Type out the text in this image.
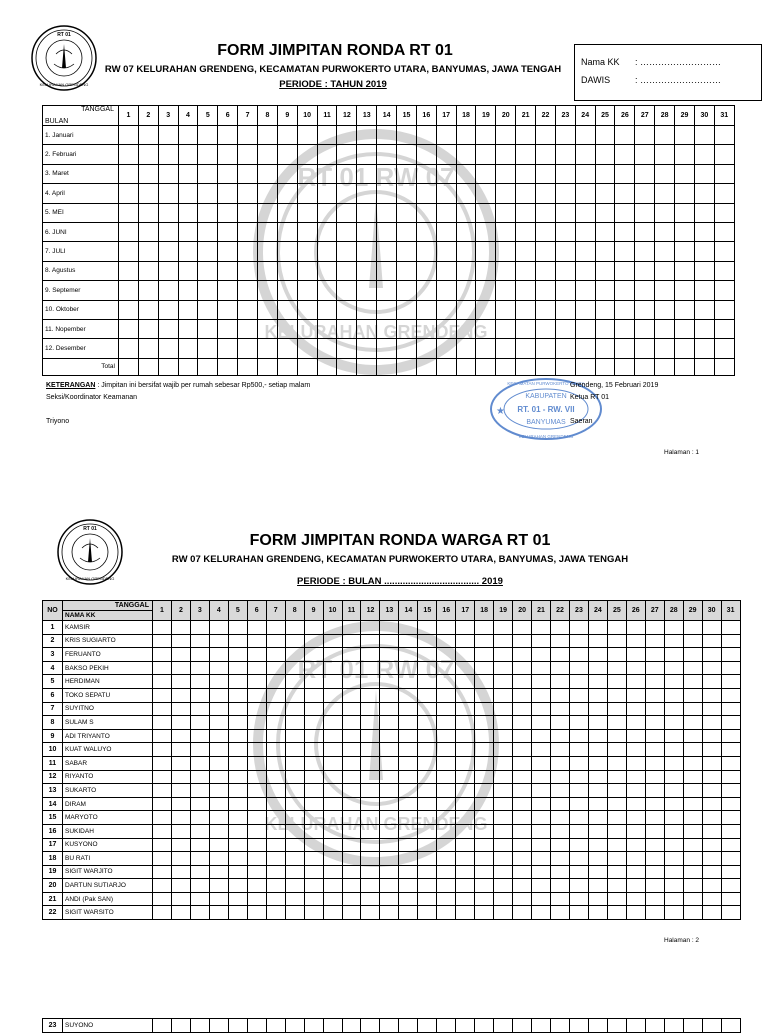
RT 01
KELURAHAN GRENDENG
FORM JIMPITAN RONDA RT 01
RW 07 KELURAHAN GRENDENG, KECAMATAN PURWOKERTO UTARA, BANYUMAS, JAWA TENGAH
PERIODE : TAHUN 2019
Nama KK : ………………………
DAWIS	: ………………………
RT 01 RW 07
KELURAHAN GRENDENG
TANGGAL
BULAN	1	2	3	4	5	6	7	8	9	10	11	12	13	14	15	16	17	18	19	20	21	22	23	24	25	26	27	28	29	30	31
1. Januari																															
2. Februari																															
3. Maret																															
4. April																															
5. MEI																															
6. JUNI																															
7. JULI																															
8. Agustus																															
9. Septemer																															
10. Oktober																															
11. Nopember																															
12. Desember																															
Total																															
KETERANGAN : Jimpitan ini bersifat wajib per rumah sebesar Rp500,- setiap malam
Seksi/Koordinator Keamanan
Triyono
KABUPATEN
RT. 01 - RW. VII
BANYUMAS
KECAMATAN PURWOKERTO UTARA
KELURAHAN GRENDENG
★
Grendeng, 15 Februari 2019
Ketua RT 01
Saeran
Halaman : 1
RT 01
KELURAHAN GRENDENG
FORM JIMPITAN RONDA WARGA RT 01
RW 07 KELURAHAN GRENDENG, KECAMATAN PURWOKERTO UTARA, BANYUMAS, JAWA TENGAH
PERIODE : BULAN .................................... 2019
RT 01 RW 07
KELURAHAN GRENDENG
NO	TANGGAL	1	2	3	4	5	6	7	8	9	10	11	12	13	14	15	16	17	18	19	20	21	22	23	24	25	26	27	28	29	30	31
	NAMA KK																															
1	KAMSIR																															
2	KRIS SUGIARTO																															
3	FERUANTO																															
4	BAKSO PEKIH																															
5	HERDIMAN																															
6	TOKO SEPATU																															
7	SUYITNO																															
8	SULAM S																															
9	ADI TRIYANTO																															
10	KUAT WALUYO																															
11	SABAR																															
12	RIYANTO																															
13	SUKARTO																															
14	DIRAM																															
15	MARYOTO																															
16	SUKIDAH																															
17	KUSYONO																															
18	BU RATI																															
19	SIGIT WARJITO																															
20	DARTUN SUTIARJO																															
21	ANDI (Pak SAN)																															
22	SIGIT WARSITO																															
Halaman : 2
23	SUYONO																															
